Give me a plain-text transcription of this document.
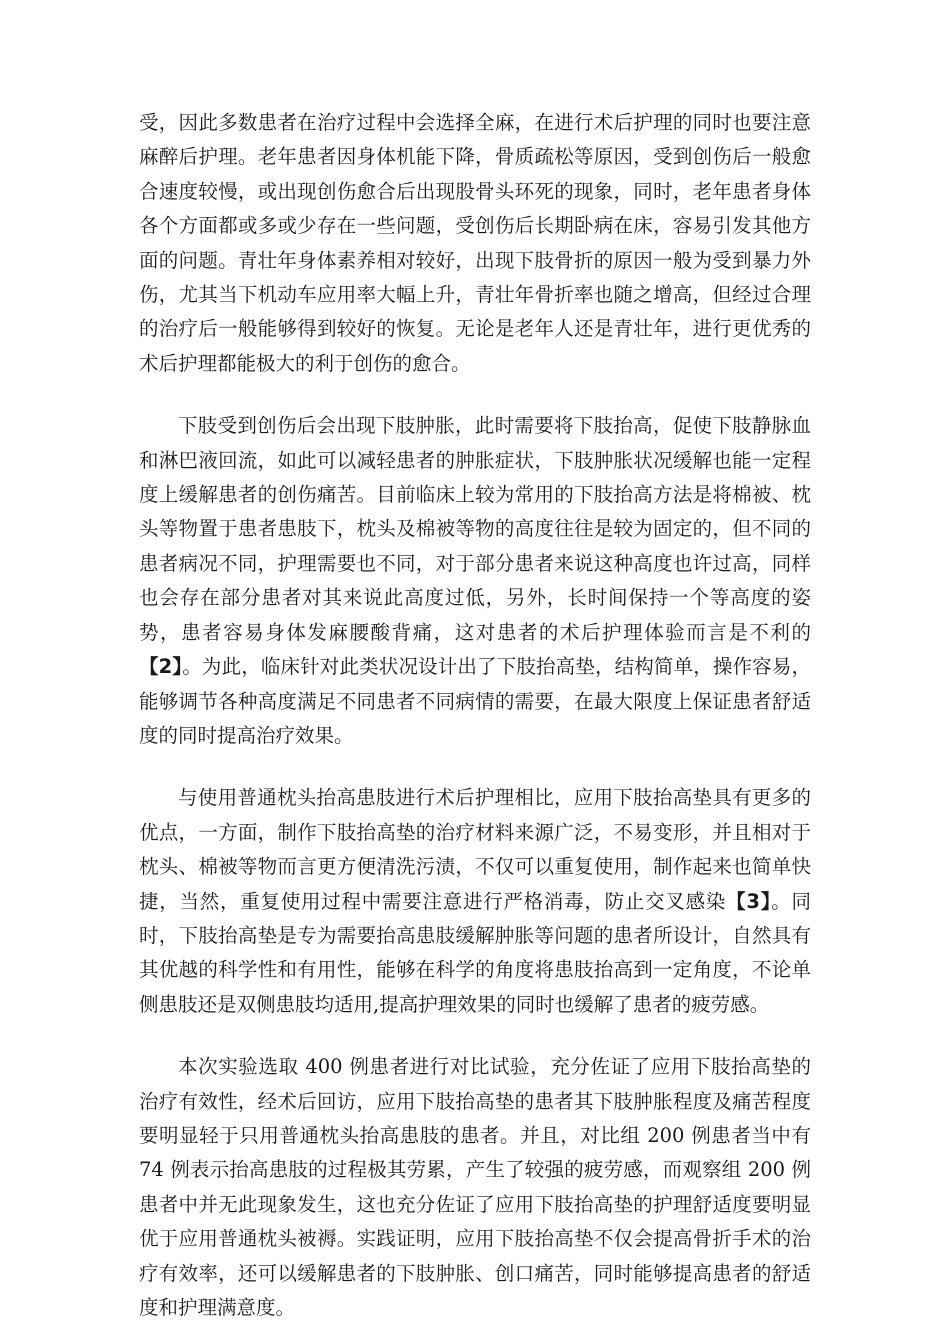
受，因此多数患者在治疗过程中会选择全麻，在进行术后护理的同时也要注意麻醉后护理。老年患者因身体机能下降，骨质疏松等原因，受到创伤后一般愈合速度较慢，或出现创伤愈合后出现股骨头环死的现象，同时，老年患者身体各个方面都或多或少存在一些问题，受创伤后长期卧病在床，容易引发其他方面的问题。青壮年身体素养相对较好，出现下肢骨折的原因一般为受到暴力外伤，尤其当下机动车应用率大幅上升，青壮年骨折率也随之增高，但经过合理的治疗后一般能够得到较好的恢复。无论是老年人还是青壮年，进行更优秀的术后护理都能极大的利于创伤的愈合。

下肢受到创伤后会出现下肢肿胀，此时需要将下肢抬高，促使下肢静脉血和淋巴液回流，如此可以减轻患者的肿胀症状，下肢肿胀状况缓解也能一定程度上缓解患者的创伤痛苦。目前临床上较为常用的下肢抬高方法是将棉被、枕头等物置于患者患肢下，枕头及棉被等物的高度往往是较为固定的，但不同的患者病况不同，护理需要也不同，对于部分患者来说这种高度也许过高，同样也会存在部分患者对其来说此高度过低，另外，长时间保持一个等高度的姿势，患者容易身体发麻腰酸背痛，这对患者的术后护理体验而言是不利的【2】。为此，临床针对此类状况设计出了下肢抬高垫，结构简单，操作容易，能够调节各种高度满足不同患者不同病情的需要，在最大限度上保证患者舒适度的同时提高治疗效果。

与使用普通枕头抬高患肢进行术后护理相比，应用下肢抬高垫具有更多的优点，一方面，制作下肢抬高垫的治疗材料来源广泛，不易变形，并且相对于枕头、棉被等物而言更方便清洗污渍，不仅可以重复使用，制作起来也简单快捷，当然，重复使用过程中需要注意进行严格消毒，防止交叉感染【3】。同时，下肢抬高垫是专为需要抬高患肢缓解肿胀等问题的患者所设计，自然具有其优越的科学性和有用性，能够在科学的角度将患肢抬高到一定角度，不论单侧患肢还是双侧患肢均适用,提高护理效果的同时也缓解了患者的疲劳感。

本次实验选取 400 例患者进行对比试验，充分佐证了应用下肢抬高垫的治疗有效性，经术后回访，应用下肢抬高垫的患者其下肢肿胀程度及痛苦程度要明显轻于只用普通枕头抬高患肢的患者。并且，对比组 200 例患者当中有 74 例表示抬高患肢的过程极其劳累，产生了较强的疲劳感，而观察组 200 例患者中并无此现象发生，这也充分佐证了应用下肢抬高垫的护理舒适度要明显优于应用普通枕头被褥。实践证明，应用下肢抬高垫不仅会提高骨折手术的治疗有效率，还可以缓解患者的下肢肿胀、创口痛苦，同时能够提高患者的舒适度和护理满意度。
